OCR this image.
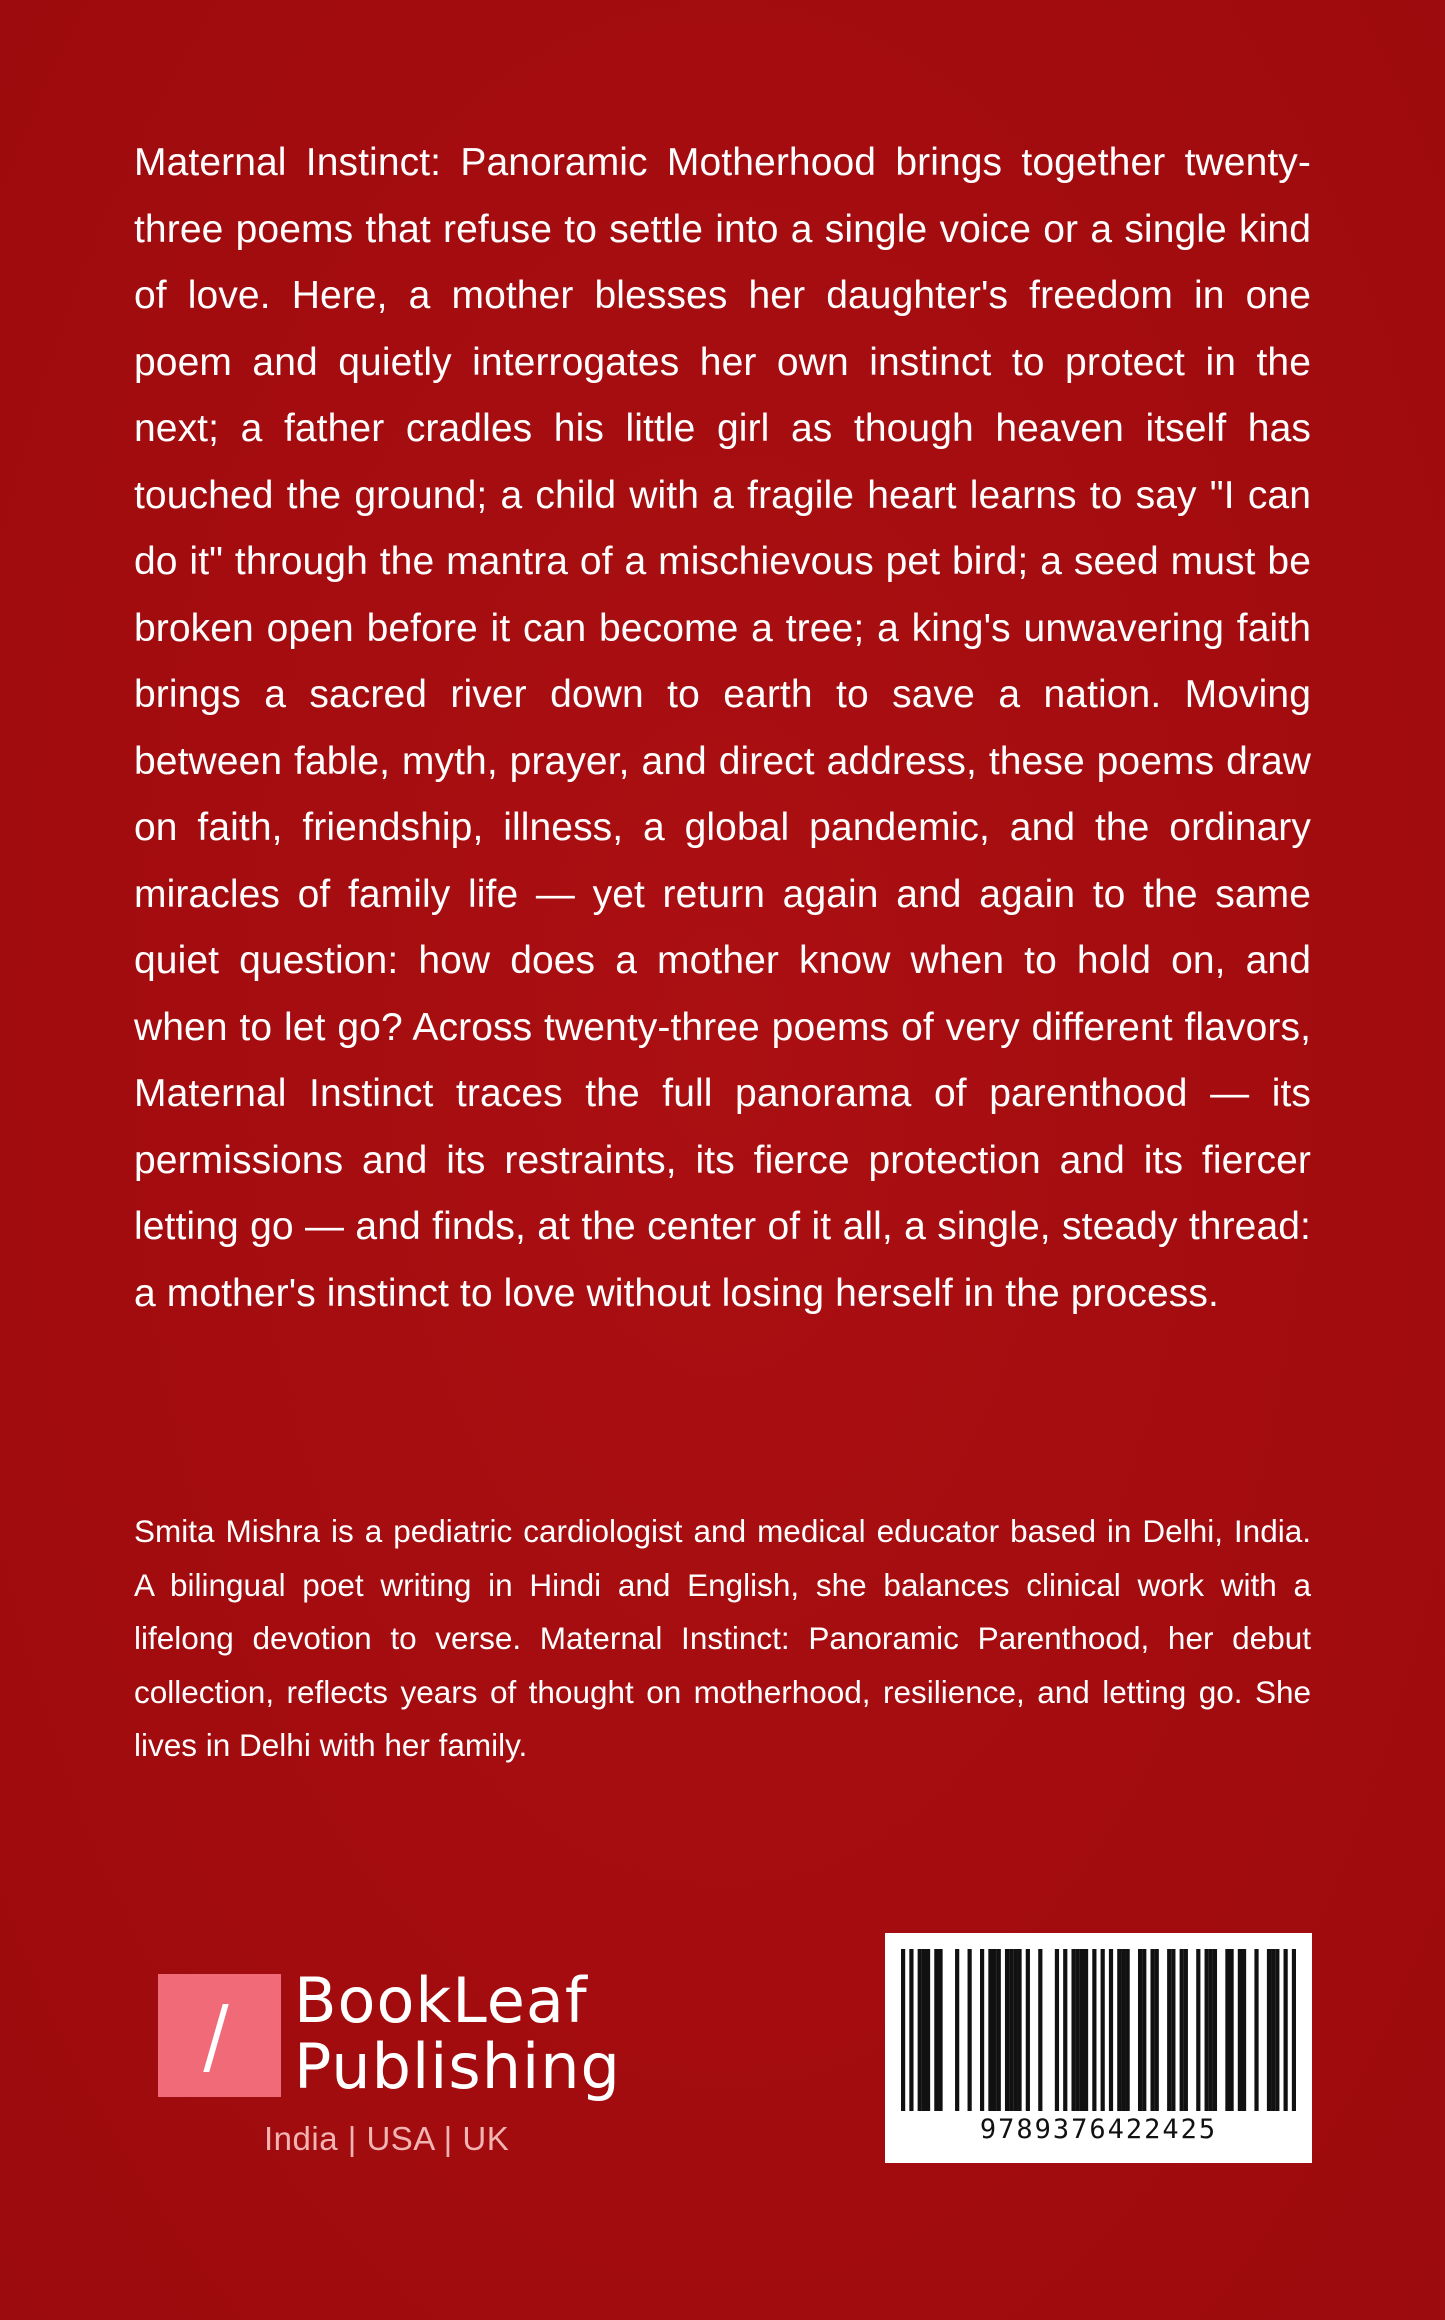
Maternal Instinct: Panoramic Motherhood brings together twenty-three poems that refuse to settle into a single voice or a single kind of love. Here, a mother blesses her daughter's freedom in one poem and quietly interrogates her own instinct to protect in the next; a father cradles his little girl as though heaven itself has touched the ground; a child with a fragile heart learns to say "I can do it" through the mantra of a mischievous pet bird; a seed must be broken open before it can become a tree; a king's unwavering faith brings a sacred river down to earth to save a nation. Moving between fable, myth, prayer, and direct address, these poems draw on faith, friendship, illness, a global pandemic, and the ordinary miracles of family life — yet return again and again to the same quiet question: how does a mother know when to hold on, and when to let go? Across twenty-three poems of very different flavors, Maternal Instinct traces the full panorama of parenthood — its permissions and its restraints, its fierce protection and its fiercer letting go — and finds, at the center of it all, a single, steady thread: a mother's instinct to love without losing herself in the process.

Smita Mishra is a pediatric cardiologist and medical educator based in Delhi, India. A bilingual poet writing in Hindi and English, she balances clinical work with a lifelong devotion to verse. Maternal Instinct: Panoramic Parenthood, her debut collection, reflects years of thought on motherhood, resilience, and letting go. She lives in Delhi with her family.

BookLeaf
Publishing
India | USA | UK	9789376422425
